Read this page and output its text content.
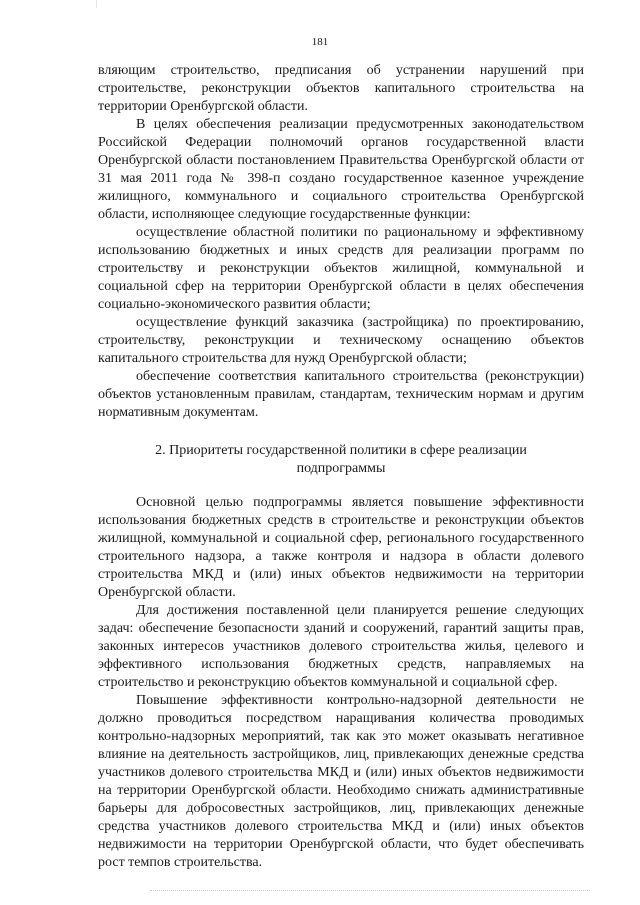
181

вляющим строительство, предписания об устранении нарушений при строительстве, реконструкции объектов капитального строительства на территории Оренбургской области.

В целях обеспечения реализации предусмотренных законодательством Российской Федерации полномочий органов государственной власти Оренбургской области постановлением Правительства Оренбургской области от 31 мая 2011 года № 398-п создано государственное казенное учреждение жилищного, коммунального и социального строительства Оренбургской области, исполняющее следующие государственные функции:

осуществление областной политики по рациональному и эффективному использованию бюджетных и иных средств для реализации программ по строительству и реконструкции объектов жилищной, коммунальной и социальной сфер на территории Оренбургской области в целях обеспечения социально-экономического развития области;

осуществление функций заказчика (застройщика) по проектированию, строительству, реконструкции и техническому оснащению объектов капитального строительства для нужд Оренбургской области;

обеспечение соответствия капитального строительства (реконструкции) объектов установленным правилам, стандартам, техническим нормам и другим нормативным документам.

2. Приоритеты государственной политики в сфере реализации
подпрограммы

Основной целью подпрограммы является повышение эффективности использования бюджетных средств в строительстве и реконструкции объектов жилищной, коммунальной и социальной сфер, регионального государственного строительного надзора, а также контроля и надзора в области долевого строительства МКД и (или) иных объектов недвижимости на территории Оренбургской области.

Для достижения поставленной цели планируется решение следующих задач: обеспечение безопасности зданий и сооружений, гарантий защиты прав, законных интересов участников долевого строительства жилья, целевого и эффективного использования бюджетных средств, направляемых на строительство и реконструкцию объектов коммунальной и социальной сфер.

Повышение эффективности контрольно-надзорной деятельности не должно проводиться посредством наращивания количества проводимых контрольно-надзорных мероприятий, так как это может оказывать негативное влияние на деятельность застройщиков, лиц, привлекающих денежные средства участников долевого строительства МКД и (или) иных объектов недвижимости на территории Оренбургской области. Необходимо снижать административные барьеры для добросовестных застройщиков, лиц, привлекающих денежные средства участников долевого строительства МКД и (или) иных объектов недвижимости на территории Оренбургской области, что будет обеспечивать рост темпов строительства.
